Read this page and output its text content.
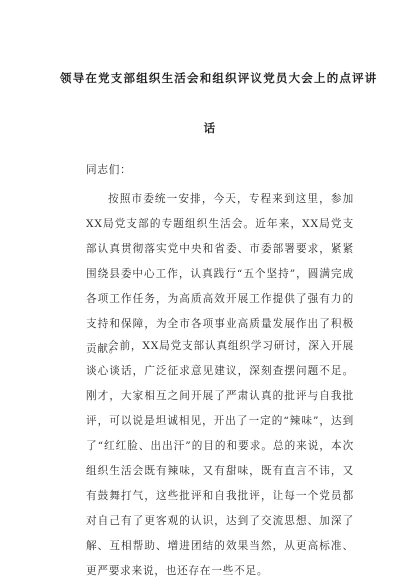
领导在党支部组织生活会和组织评议党员大会上的点评讲
话
同志们：
按照市委统一安排，今天，专程来到这里，参加XX局党支部的专题组织生活会。近年来，XX局党支部认真贯彻落实党中央和省委、市委部署要求，紧紧围绕县委中心工作，认真践行“五个坚持”，圆满完成各项工作任务，为高质高效开展工作提供了强有力的支持和保障，为全市各项事业高质量发展作出了积极贡献。
会前，XX局党支部认真组织学习研讨，深入开展谈心谈话，广泛征求意见建议，深刻查摆问题不足。刚才，大家相互之间开展了严肃认真的批评与自我批评，可以说是坦诚相见，开出了一定的“辣味”，达到了“红红脸、出出汗”的目的和要求。总的来说，本次组织生活会既有辣味，又有甜味，既有直言不讳，又有鼓舞打气，这些批评和自我批评，让每一个党员都对自己有了更客观的认识，达到了交流思想、加深了解、互相帮助、增进团结的效果当然，从更高标准、更严要求来说，也还存在一些不足。
